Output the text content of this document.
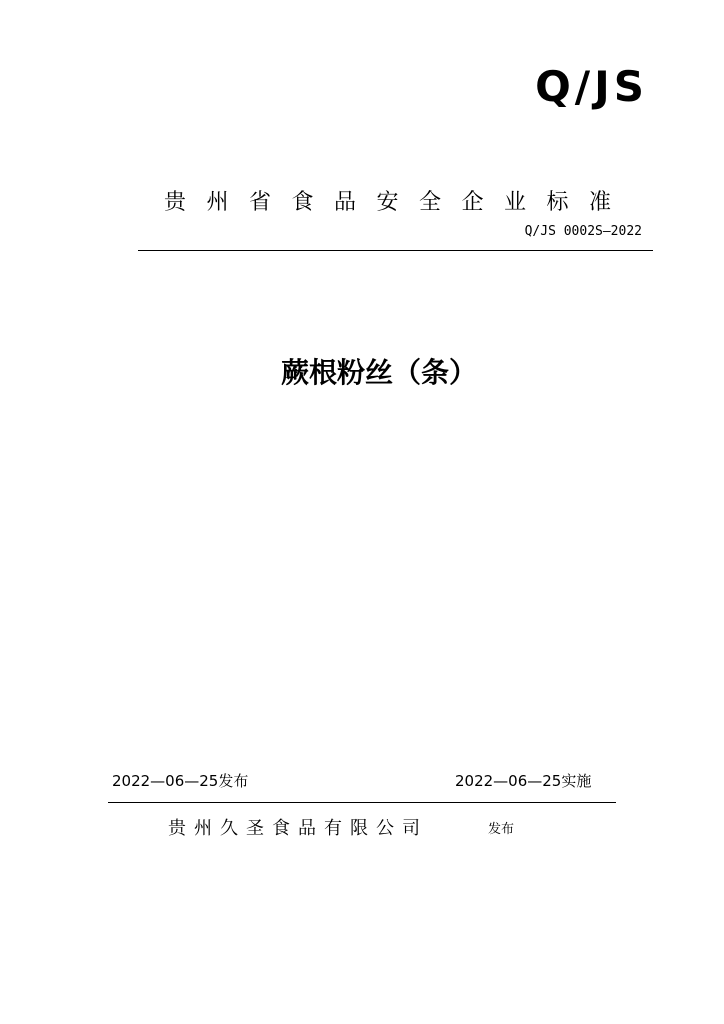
Q/JS
贵州省食品安全企业标准
Q/JS 0002S—2022
蕨根粉丝（条）
2022—06—25发布	2022—06—25实施
贵州久圣食品有限公司	发布
